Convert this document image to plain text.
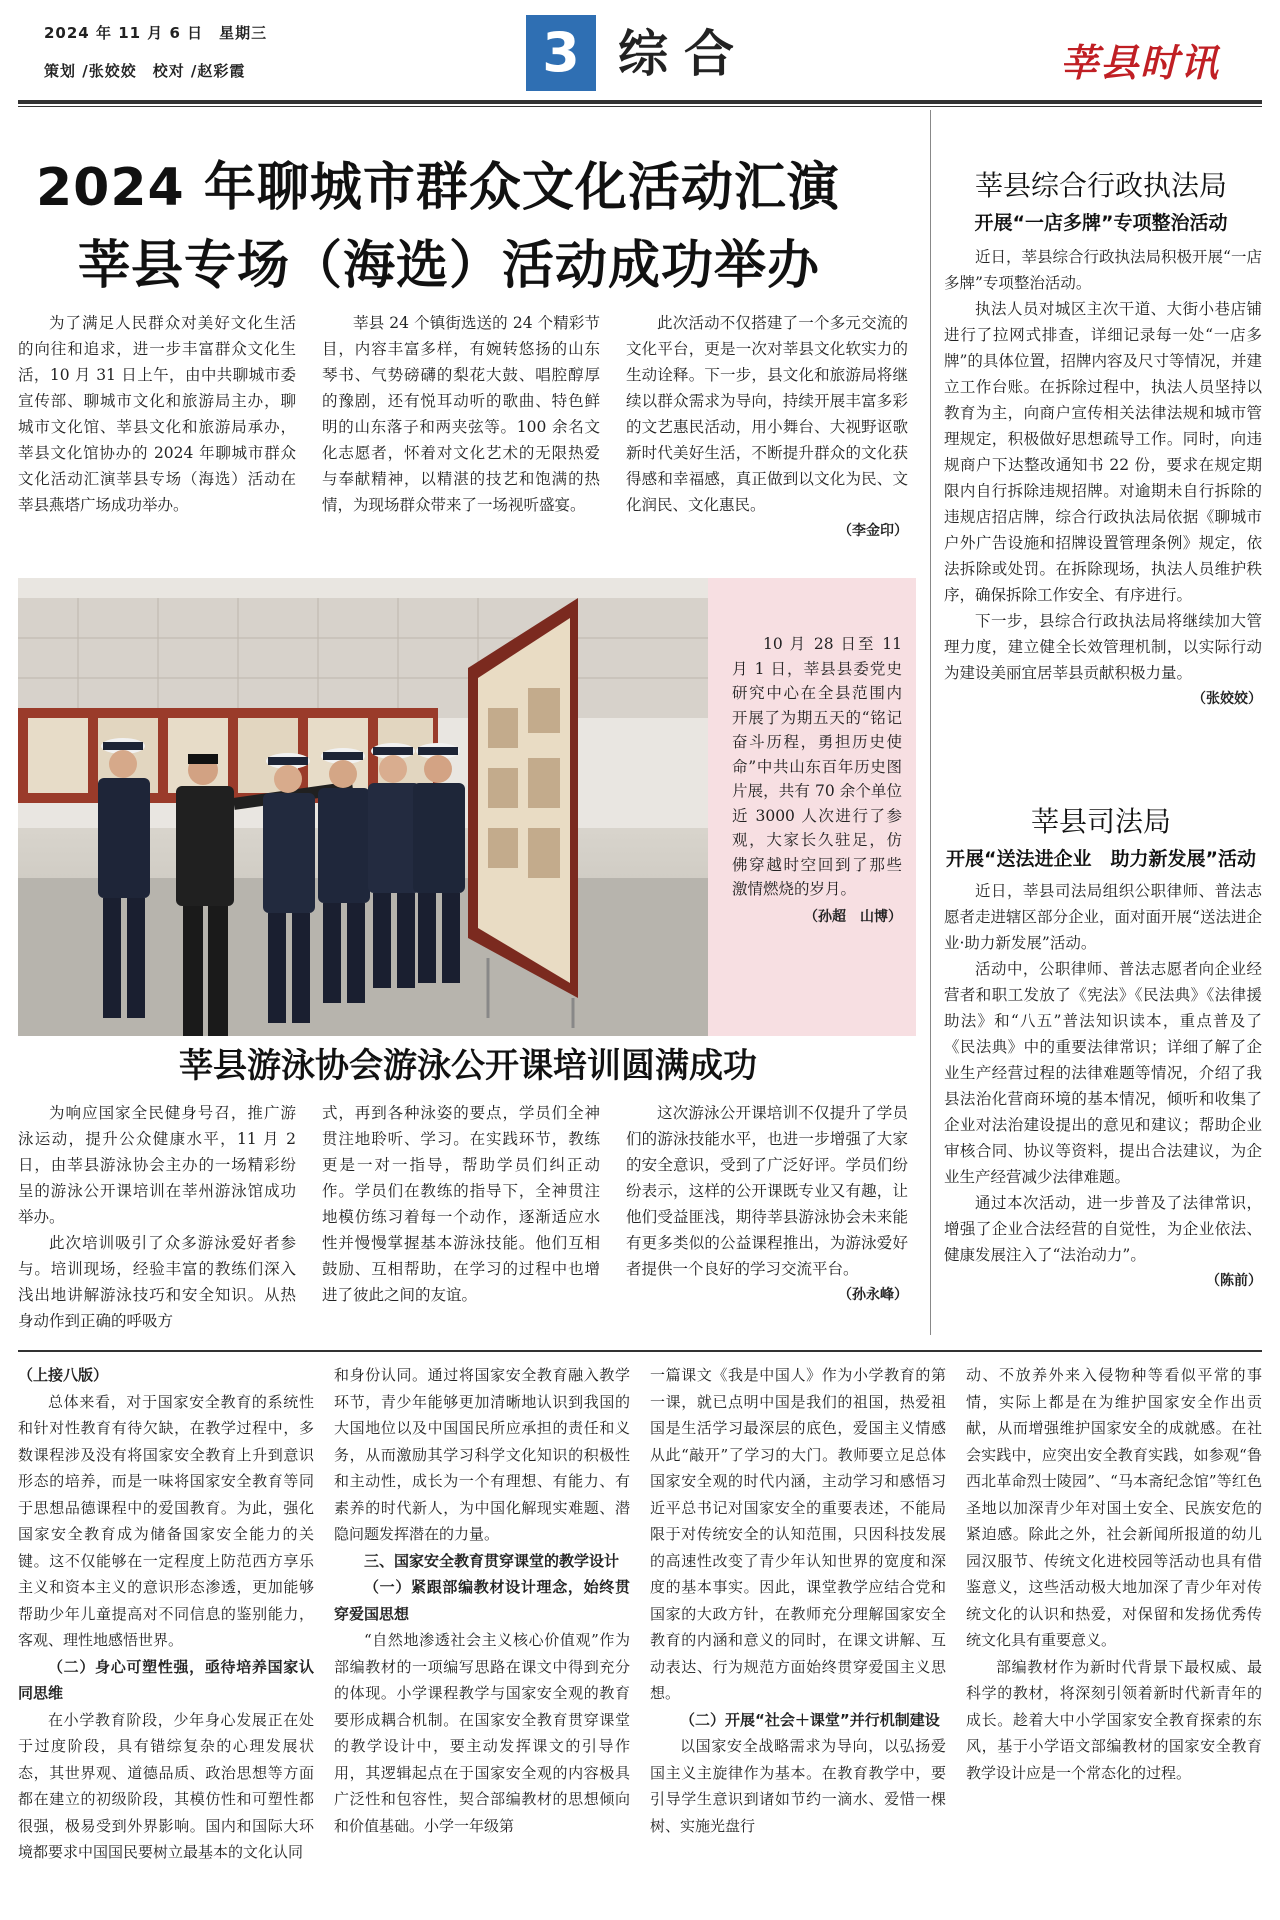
2024 年 11 月 6 日　星期三
策划 /张姣姣　校对 /赵彩霞	3 综合	莘县时讯
2024 年聊城市群众文化活动汇演
莘县专场（海选）活动成功举办

为了满足人民群众对美好文化生活的向往和追求，进一步丰富群众文化生活，10 月 31 日上午，由中共聊城市委宣传部、聊城市文化和旅游局主办，聊城市文化馆、莘县文化和旅游局承办，莘县文化馆协办的 2024 年聊城市群众文化活动汇演莘县专场（海选）活动在莘县燕塔广场成功举办。

莘县 24 个镇街选送的 24 个精彩节目，内容丰富多样，有婉转悠扬的山东琴书、气势磅礴的梨花大鼓、唱腔醇厚的豫剧，还有悦耳动听的歌曲、特色鲜明的山东落子和两夹弦等。100 余名文化志愿者，怀着对文化艺术的无限热爱与奉献精神，以精湛的技艺和饱满的热情，为现场群众带来了一场视听盛宴。

此次活动不仅搭建了一个多元交流的文化平台，更是一次对莘县文化软实力的生动诠释。下一步，县文化和旅游局将继续以群众需求为导向，持续开展丰富多彩的文艺惠民活动，用小舞台、大视野讴歌新时代美好生活，不断提升群众的文化获得感和幸福感，真正做到以文化为民、文化润民、文化惠民。

（李金印）
10 月 28 日至 11 月 1 日，莘县县委党史研究中心在全县范围内开展了为期五天的“铭记奋斗历程，勇担历史使命”中共山东百年历史图片展，共有 70 余个单位近 3000 人次进行了参观，大家长久驻足，仿佛穿越时空回到了那些激情燃烧的岁月。
（孙超　山博）
莘县游泳协会游泳公开课培训圆满成功

为响应国家全民健身号召，推广游泳运动，提升公众健康水平，11 月 2 日，由莘县游泳协会主办的一场精彩纷呈的游泳公开课培训在莘州游泳馆成功举办。

此次培训吸引了众多游泳爱好者参与。培训现场，经验丰富的教练们深入浅出地讲解游泳技巧和安全知识。从热身动作到正确的呼吸方

式，再到各种泳姿的要点，学员们全神贯注地聆听、学习。在实践环节，教练更是一对一指导，帮助学员们纠正动作。学员们在教练的指导下，全神贯注地模仿练习着每一个动作，逐渐适应水性并慢慢掌握基本游泳技能。他们互相鼓励、互相帮助，在学习的过程中也增进了彼此之间的友谊。

这次游泳公开课培训不仅提升了学员们的游泳技能水平，也进一步增强了大家的安全意识，受到了广泛好评。学员们纷纷表示，这样的公开课既专业又有趣，让他们受益匪浅，期待莘县游泳协会未来能有更多类似的公益课程推出，为游泳爱好者提供一个良好的学习交流平台。

（孙永峰）
莘县综合行政执法局
开展“一店多牌”专项整治活动

近日，莘县综合行政执法局积极开展“一店多牌”专项整治活动。

执法人员对城区主次干道、大街小巷店铺进行了拉网式排查，详细记录每一处“一店多牌”的具体位置，招牌内容及尺寸等情况，并建立工作台账。在拆除过程中，执法人员坚持以教育为主，向商户宣传相关法律法规和城市管理规定，积极做好思想疏导工作。同时，向违规商户下达整改通知书 22 份，要求在规定期限内自行拆除违规招牌。对逾期未自行拆除的违规店招店牌，综合行政执法局依据《聊城市户外广告设施和招牌设置管理条例》规定，依法拆除或处罚。在拆除现场，执法人员维护秩序，确保拆除工作安全、有序进行。

下一步，县综合行政执法局将继续加大管理力度，建立健全长效管理机制，以实际行动为建设美丽宜居莘县贡献积极力量。

（张姣姣）
莘县司法局
开展“送法进企业　助力新发展”活动

近日，莘县司法局组织公职律师、普法志愿者走进辖区部分企业，面对面开展“送法进企业·助力新发展”活动。

活动中，公职律师、普法志愿者向企业经营者和职工发放了《宪法》《民法典》《法律援助法》和“八五”普法知识读本，重点普及了《民法典》中的重要法律常识；详细了解了企业生产经营过程的法律难题等情况，介绍了我县法治化营商环境的基本情况，倾听和收集了企业对法治建设提出的意见和建议；帮助企业审核合同、协议等资料，提出合法建议，为企业生产经营减少法律难题。

通过本次活动，进一步普及了法律常识，增强了企业合法经营的自觉性，为企业依法、健康发展注入了“法治动力”。

（陈前）

（上接八版）

总体来看，对于国家安全教育的系统性和针对性教育有待欠缺，在教学过程中，多数课程涉及没有将国家安全教育上升到意识形态的培养，而是一味将国家安全教育等同于思想品德课程中的爱国教育。为此，强化国家安全教育成为储备国家安全能力的关键。这不仅能够在一定程度上防范西方享乐主义和资本主义的意识形态渗透，更加能够帮助少年儿童提高对不同信息的鉴别能力，客观、理性地感悟世界。

（二）身心可塑性强，亟待培养国家认同思维

在小学教育阶段，少年身心发展正在处于过度阶段，具有错综复杂的心理发展状态，其世界观、道德品质、政治思想等方面都在建立的初级阶段，其模仿性和可塑性都很强，极易受到外界影响。国内和国际大环境都要求中国国民要树立最基本的文化认同

和身份认同。通过将国家安全教育融入教学环节，青少年能够更加清晰地认识到我国的大国地位以及中国国民所应承担的责任和义务，从而激励其学习科学文化知识的积极性和主动性，成长为一个有理想、有能力、有素养的时代新人，为中国化解现实难题、潜隐问题发挥潜在的力量。

三、国家安全教育贯穿课堂的教学设计

（一）紧跟部编教材设计理念，始终贯穿爱国思想

“自然地渗透社会主义核心价值观”作为部编教材的一项编写思路在课文中得到充分的体现。小学课程教学与国家安全观的教育要形成耦合机制。在国家安全教育贯穿课堂的教学设计中，要主动发挥课文的引导作用，其逻辑起点在于国家安全观的内容极具广泛性和包容性，契合部编教材的思想倾向和价值基础。小学一年级第

一篇课文《我是中国人》作为小学教育的第一课，就已点明中国是我们的祖国，热爱祖国是生活学习最深层的底色，爱国主义情感从此“敲开”了学习的大门。教师要立足总体国家安全观的时代内涵，主动学习和感悟习近平总书记对国家安全的重要表述，不能局限于对传统安全的认知范围，只因科技发展的高速性改变了青少年认知世界的宽度和深度的基本事实。因此，课堂教学应结合党和国家的大政方针，在教师充分理解国家安全教育的内涵和意义的同时，在课文讲解、互动表达、行为规范方面始终贯穿爱国主义思想。

（二）开展“社会＋课堂”并行机制建设

以国家安全战略需求为导向，以弘扬爱国主义主旋律作为基本。在教育教学中，要引导学生意识到诸如节约一滴水、爱惜一棵树、实施光盘行

动、不放养外来入侵物种等看似平常的事情，实际上都是在为维护国家安全作出贡献，从而增强维护国家安全的成就感。在社会实践中，应突出安全教育实践，如参观“鲁西北革命烈士陵园”、“马本斋纪念馆”等红色圣地以加深青少年对国土安全、民族安危的紧迫感。除此之外，社会新闻所报道的幼儿园汉服节、传统文化进校园等活动也具有借鉴意义，这些活动极大地加深了青少年对传统文化的认识和热爱，对保留和发扬优秀传统文化具有重要意义。

部编教材作为新时代背景下最权威、最科学的教材，将深刻引领着新时代新青年的成长。趁着大中小学国家安全教育探索的东风，基于小学语文部编教材的国家安全教育教学设计应是一个常态化的过程。
